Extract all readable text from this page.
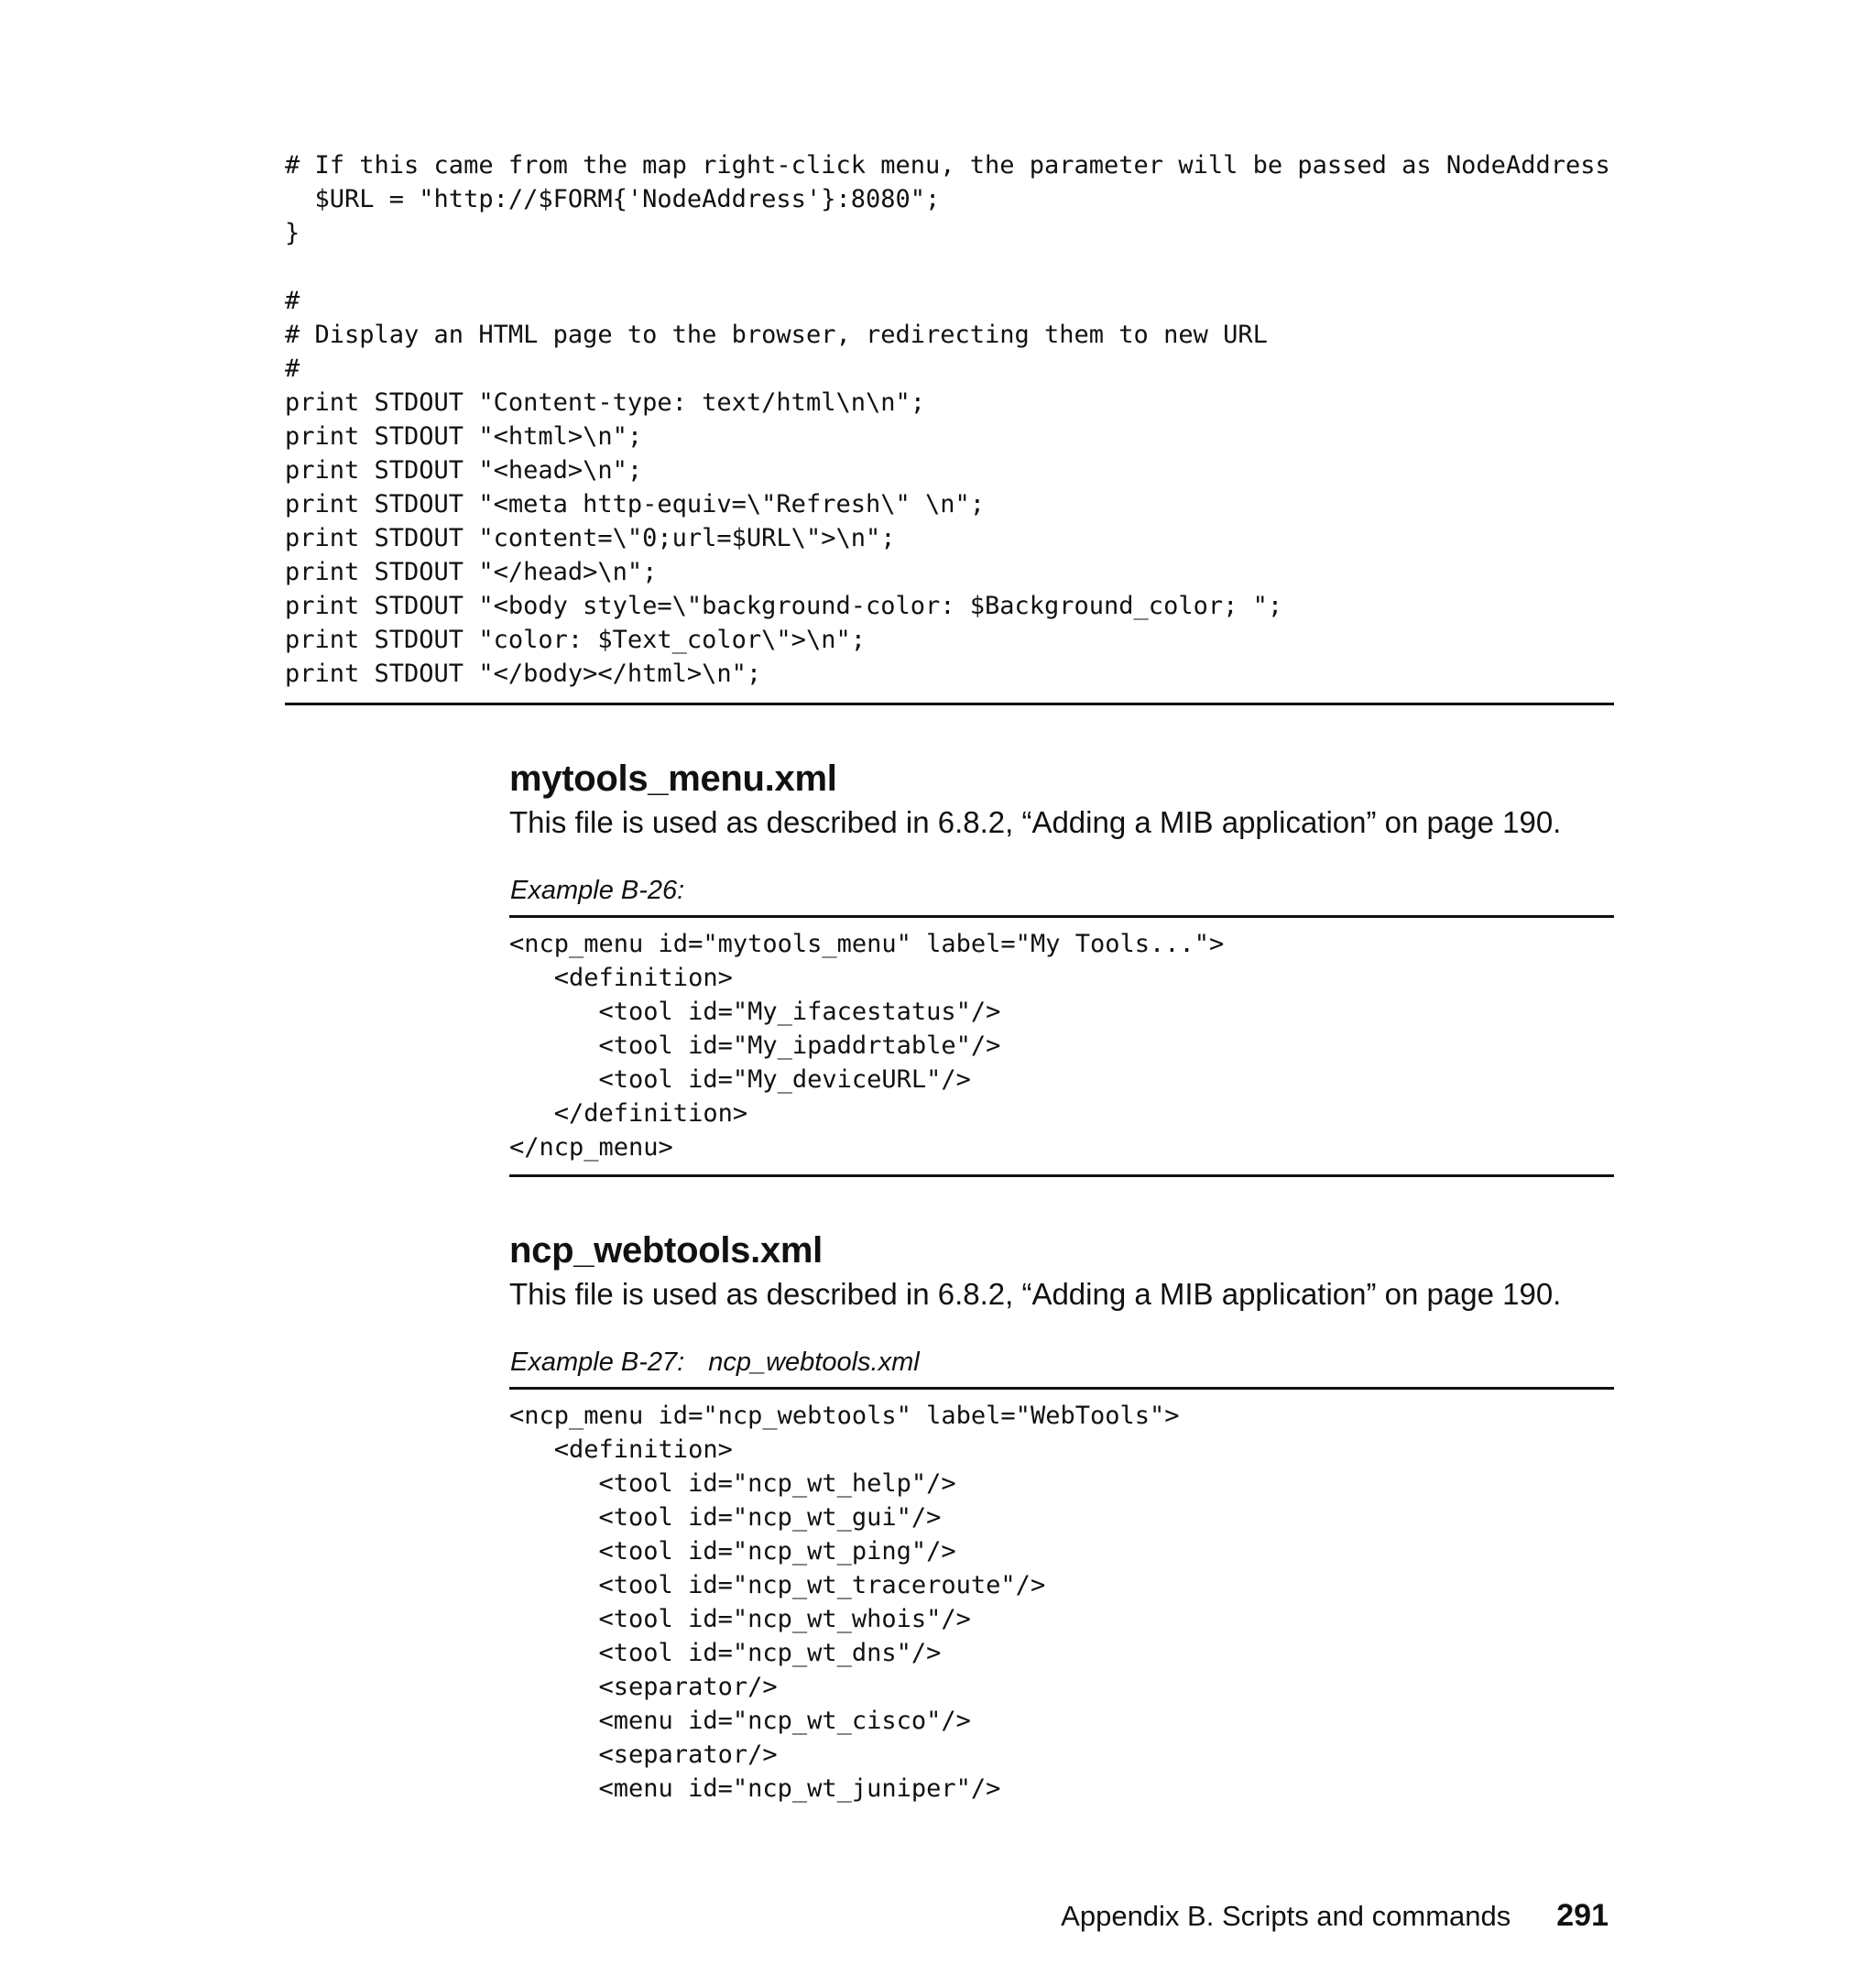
# If this came from the map right-click menu, the parameter will be passed as NodeAddress
$URL = "http://$FORM{'NodeAddress'}:8080";
}

#
# Display an HTML page to the browser, redirecting them to new URL
#
print STDOUT "Content-type: text/html\n\n";
print STDOUT "<html>\n";
print STDOUT "<head>\n";
print STDOUT "<meta http-equiv=\"Refresh\" \n";
print STDOUT "content=\"0;url=$URL\">\n";
print STDOUT "</head>\n";
print STDOUT "<body style=\"background-color: $Background_color; ";
print STDOUT "color: $Text_color\">\n";
print STDOUT "</body></html>\n";
mytools_menu.xml

This file is used as described in 6.8.2, “Adding a MIB application” on page 190.

Example B-26:

<ncp_menu id="mytools_menu" label="My Tools...">
<definition>
<tool id="My_ifacestatus"/>
<tool id="My_ipaddrtable"/>
<tool id="My_deviceURL"/>
</definition>
</ncp_menu>
ncp_webtools.xml

This file is used as described in 6.8.2, “Adding a MIB application” on page 190.

Example B-27: ncp_webtools.xml

<ncp_menu id="ncp_webtools" label="WebTools">
<definition>
<tool id="ncp_wt_help"/>
<tool id="ncp_wt_gui"/>
<tool id="ncp_wt_ping"/>
<tool id="ncp_wt_traceroute"/>
<tool id="ncp_wt_whois"/>
<tool id="ncp_wt_dns"/>
<separator/>
<menu id="ncp_wt_cisco"/>
<separator/>
<menu id="ncp_wt_juniper"/>
Appendix B. Scripts and commands 291
